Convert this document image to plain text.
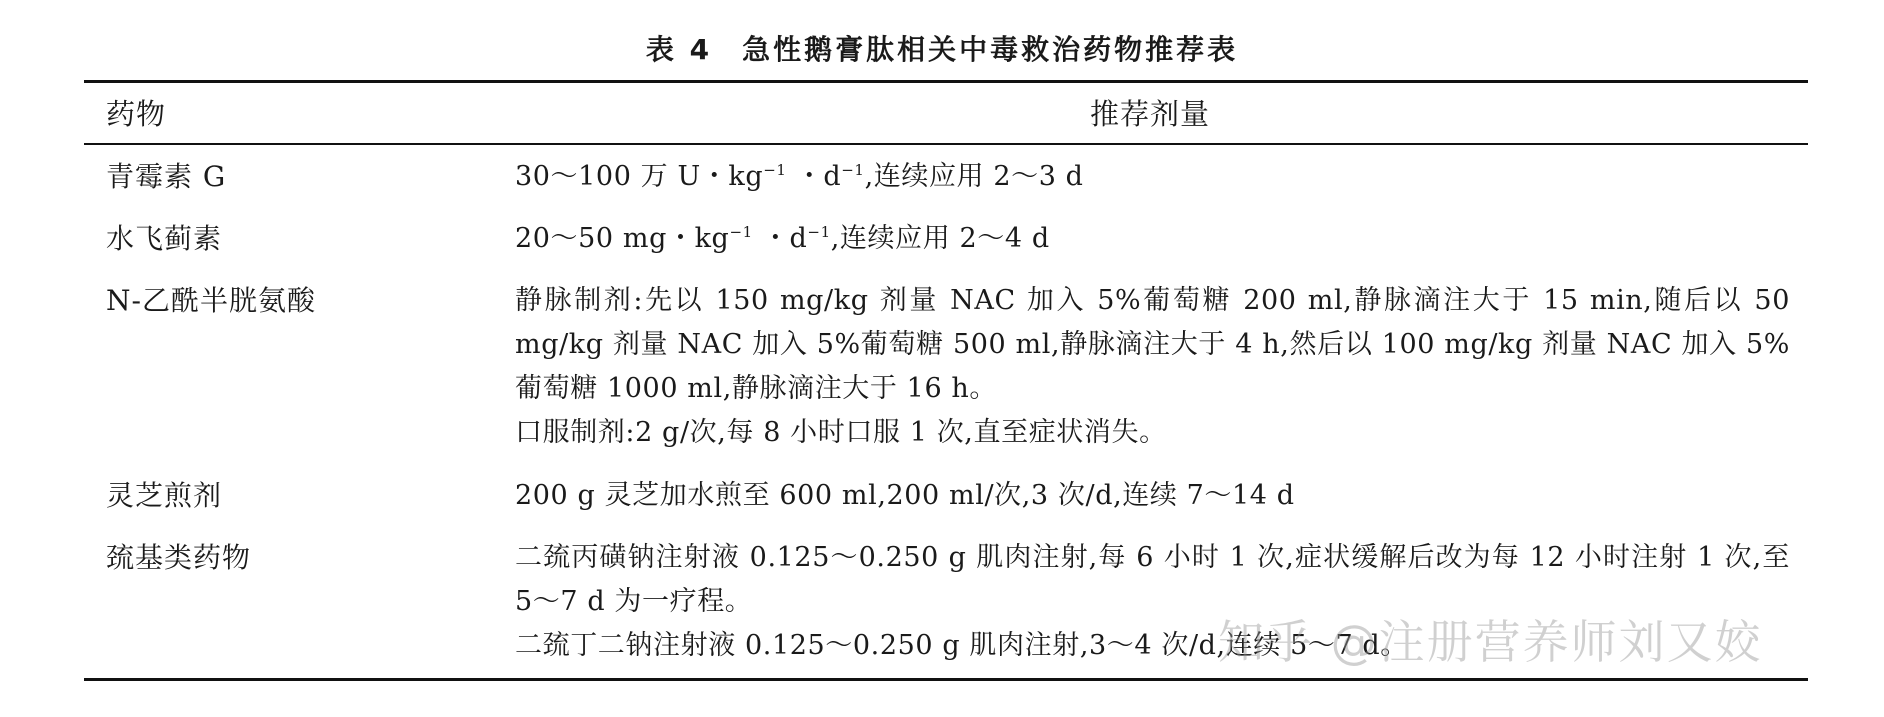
表 4 急性鹅膏肽相关中毒救治药物推荐表
药物	推荐剂量
青霉素 G	30～100 万 U・$kg^{-1}$ ・$d^{-1}$,连续应用 2～3 d
水飞蓟素	20～50 mg・$kg^{-1}$ ・$d^{-1}$,连续应用 2～4 d
N-乙酰半胱氨酸	静脉制剂:先以 150 mg/kg 剂量 NAC 加入 5%葡萄糖 200 ml,静脉滴注大于 15 min,随后以 50 mg/kg 剂量 NAC 加入 5%葡萄糖 500 ml,静脉滴注大于 4 h,然后以 100 mg/kg 剂量 NAC 加入 5%葡萄糖 1000 ml,静脉滴注大于 16 h。

口服制剂:2 g/次,每 8 小时口服 1 次,直至症状消失。

灵芝煎剂	200 g 灵芝加水煎至 600 ml,200 ml/次,3 次/d,连续 7～14 d
巯基类药物	二巯丙磺钠注射液 0.125～0.250 g 肌肉注射,每 6 小时 1 次,症状缓解后改为每 12 小时注射 1 次,至 5～7 d 为一疗程。

二巯丁二钠注射液 0.125～0.250 g 肌肉注射,3～4 次/d,连续 5～7 d。

知乎 @注册营养师刘又姣
